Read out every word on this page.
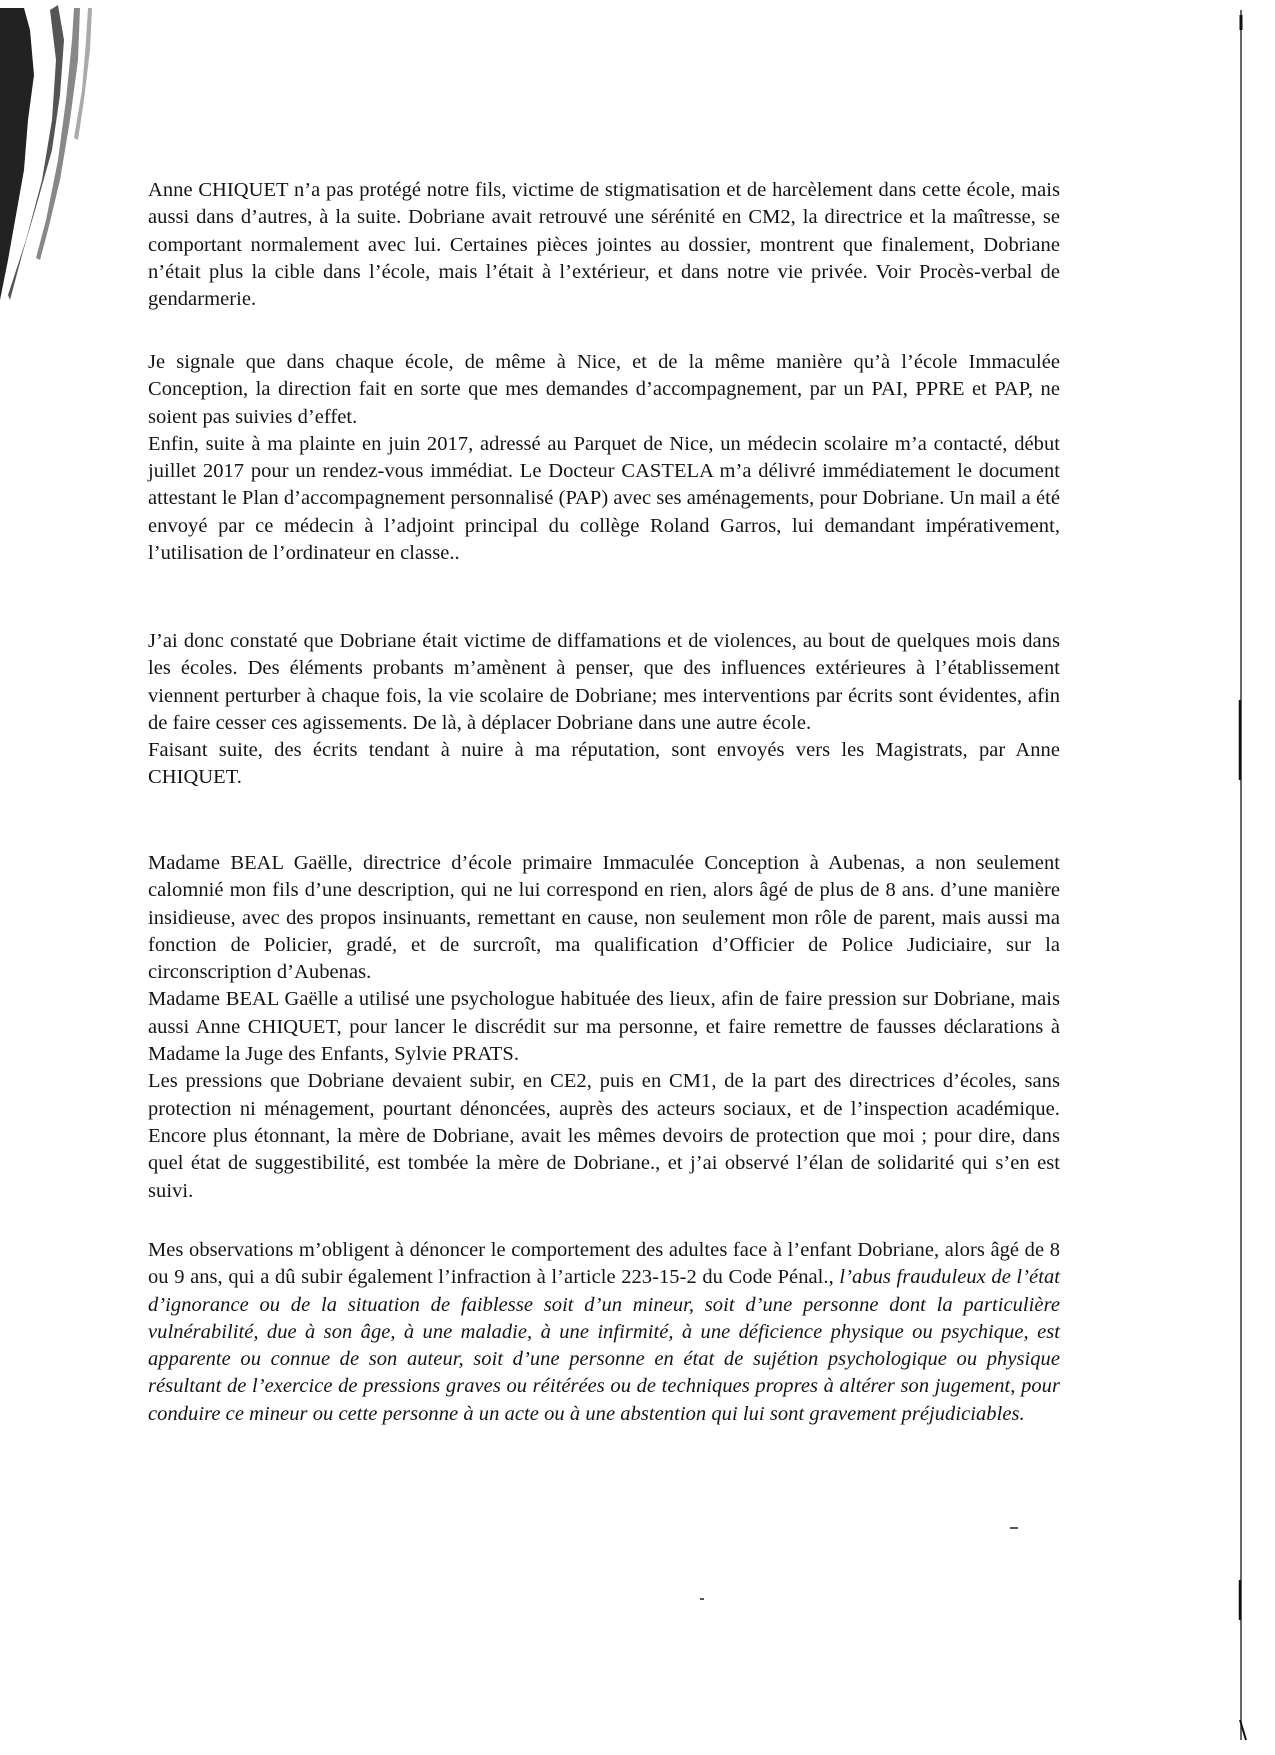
Anne CHIQUET n’a pas protégé notre fils, victime de stigmatisation et de harcèlement dans cette école, mais aussi dans d’autres, à la suite. Dobriane avait retrouvé une sérénité en CM2, la directrice et la maîtresse, se comportant normalement avec lui. Certaines pièces jointes au dossier, montrent que finalement, Dobriane n’était plus la cible dans l’école, mais l’était à l’extérieur, et dans notre vie privée. Voir Procès-verbal de gendarmerie.

Je signale que dans chaque école, de même à Nice, et de la même manière qu’à l’école Immaculée Conception, la direction fait en sorte que mes demandes d’accompagnement, par un PAI, PPRE et PAP, ne soient pas suivies d’effet.

Enfin, suite à ma plainte en juin 2017, adressé au Parquet de Nice, un médecin scolaire m’a contacté, début juillet 2017 pour un rendez-vous immédiat. Le Docteur CASTELA m’a délivré immédiatement le document attestant le Plan d’accompagnement personnalisé (PAP) avec ses aménagements, pour Dobriane. Un mail a été envoyé par ce médecin à l’adjoint principal du collège Roland Garros, lui demandant impérativement, l’utilisation de l’ordinateur en classe..

J’ai donc constaté que Dobriane était victime de diffamations et de violences, au bout de quelques mois dans les écoles. Des éléments probants m’amènent à penser, que des influences extérieures à l’établissement viennent perturber à chaque fois, la vie scolaire de Dobriane; mes interventions par écrits sont évidentes, afin de faire cesser ces agissements. De là, à déplacer Dobriane dans une autre école.

Faisant suite, des écrits tendant à nuire à ma réputation, sont envoyés vers les Magistrats, par Anne CHIQUET.

Madame BEAL Gaëlle, directrice d’école primaire Immaculée Conception à Aubenas, a non seulement calomnié mon fils d’une description, qui ne lui correspond en rien, alors âgé de plus de 8 ans. d’une manière insidieuse, avec des propos insinuants, remettant en cause, non seulement mon rôle de parent, mais aussi ma fonction de Policier, gradé, et de surcroît, ma qualification d’Officier de Police Judiciaire, sur la circonscription d’Aubenas.

Madame BEAL Gaëlle a utilisé une psychologue habituée des lieux, afin de faire pression sur Dobriane, mais aussi Anne CHIQUET, pour lancer le discrédit sur ma personne, et faire remettre de fausses déclarations à Madame la Juge des Enfants, Sylvie PRATS.

Les pressions que Dobriane devaient subir, en CE2, puis en CM1, de la part des directrices d’écoles, sans protection ni ménagement, pourtant dénoncées, auprès des acteurs sociaux, et de l’inspection académique. Encore plus étonnant, la mère de Dobriane, avait les mêmes devoirs de protection que moi ; pour dire, dans quel état de suggestibilité, est tombée la mère de Dobriane., et j’ai observé l’élan de solidarité qui s’en est suivi.

Mes observations m’obligent à dénoncer le comportement des adultes face à l’enfant Dobriane, alors âgé de 8 ou 9 ans, qui a dû subir également l’infraction à l’article 223-15-2 du Code Pénal., l’abus frauduleux de l’état d’ignorance ou de la situation de faiblesse soit d’un mineur, soit d’une personne dont la particulière vulnérabilité, due à son âge, à une maladie, à une infirmité, à une déficience physique ou psychique, est apparente ou connue de son auteur, soit d’une personne en état de sujétion psychologique ou physique résultant de l’exercice de pressions graves ou réitérées ou de techniques propres à altérer son jugement, pour conduire ce mineur ou cette personne à un acte ou à une abstention qui lui sont gravement préjudiciables.
